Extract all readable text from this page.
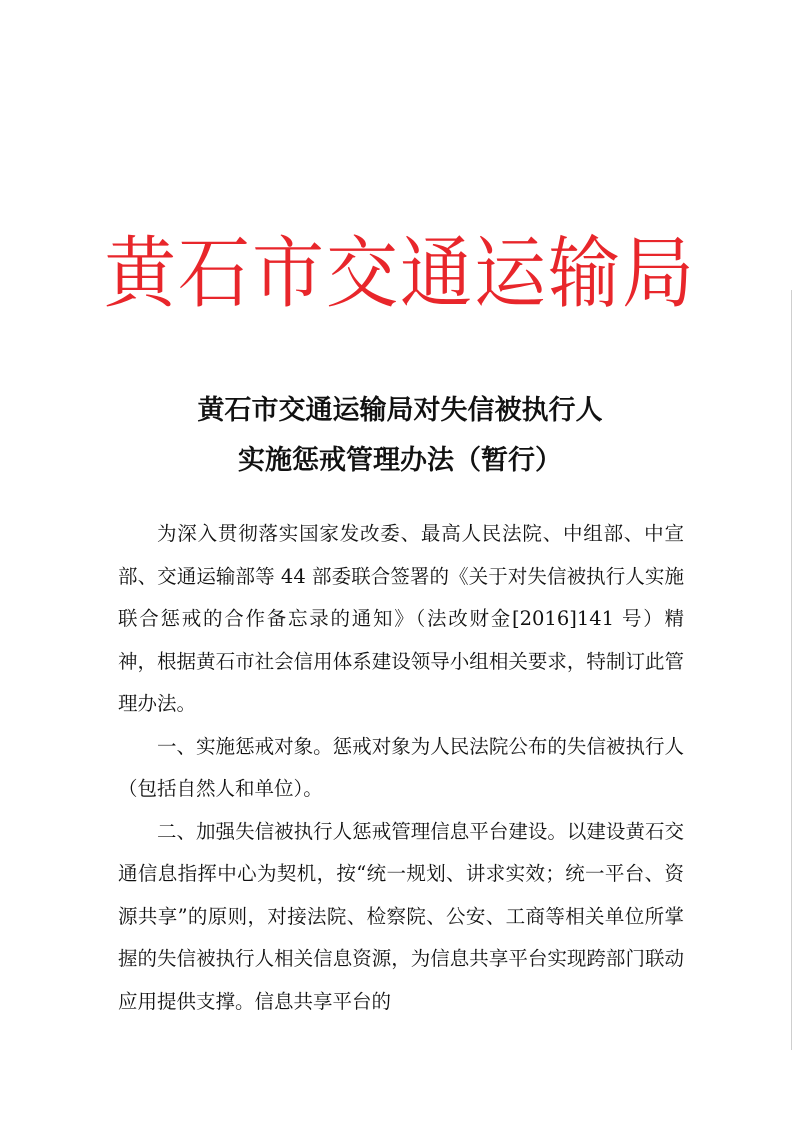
黄石市交通运输局
黄石市交通运输局对失信被执行人
实施惩戒管理办法（暂行）

为深入贯彻落实国家发改委、最高人民法院、中组部、中宣部、交通运输部等 44 部委联合签署的《关于对失信被执行人实施联合惩戒的合作备忘录的通知》（法改财金[2016]141 号）精神，根据黄石市社会信用体系建设领导小组相关要求，特制订此管理办法。

一、实施惩戒对象。惩戒对象为人民法院公布的失信被执行人（包括自然人和单位）。

二、加强失信被执行人惩戒管理信息平台建设。以建设黄石交通信息指挥中心为契机，按“统一规划、讲求实效；统一平台、资源共享”的原则，对接法院、检察院、公安、工商等相关单位所掌握的失信被执行人相关信息资源，为信息共享平台实现跨部门联动应用提供支撑。信息共享平台的
